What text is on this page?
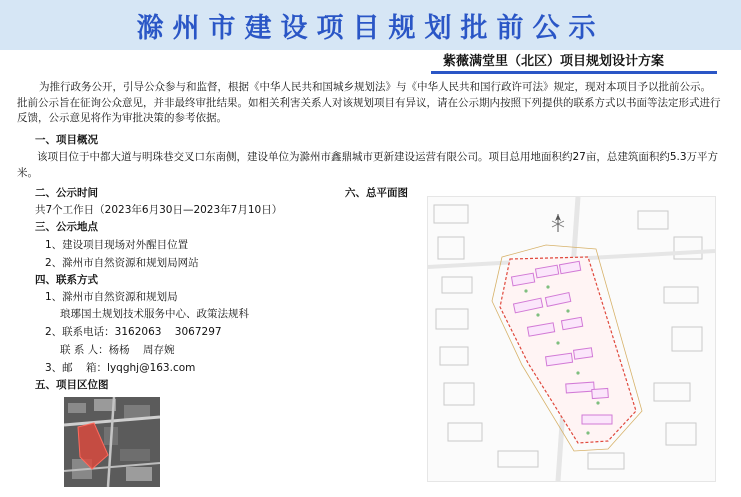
滁州市建设项目规划批前公示
紫薇满堂里（北区）项目规划设计方案
为推行政务公开，引导公众参与和监督，根据《中华人民共和国城乡规划法》与《中华人民共和国行政许可法》规定，现对本项目予以批前公示。批前公示旨在征询公众意见，并非最终审批结果。如相关利害关系人对该规划项目有异议，请在公示期内按照下列提供的联系方式以书面等法定形式进行反馈，公示意见将作为审批决策的参考依据。
一、项目概况
该项目位于中都大道与明珠巷交叉口东南侧，建设单位为滁州市鑫鼎城市更新建设运营有限公司。项目总用地面积约27亩，总建筑面积约5.3万平方米。
二、公示时间
共7个工作日（2023年6月30日—2023年7月10日）
三、公示地点
1、建设项目现场对外醒目位置
2、滁州市自然资源和规划局网站
四、联系方式
1、滁州市自然资源和规划局
琅琊国土规划技术服务中心、政策法规科
2、联系电话：3162063    3067297
联 系 人：杨杨    周存婉
3、邮    箱：lyqghj@163.com
五、项目区位图
六、总平面图
